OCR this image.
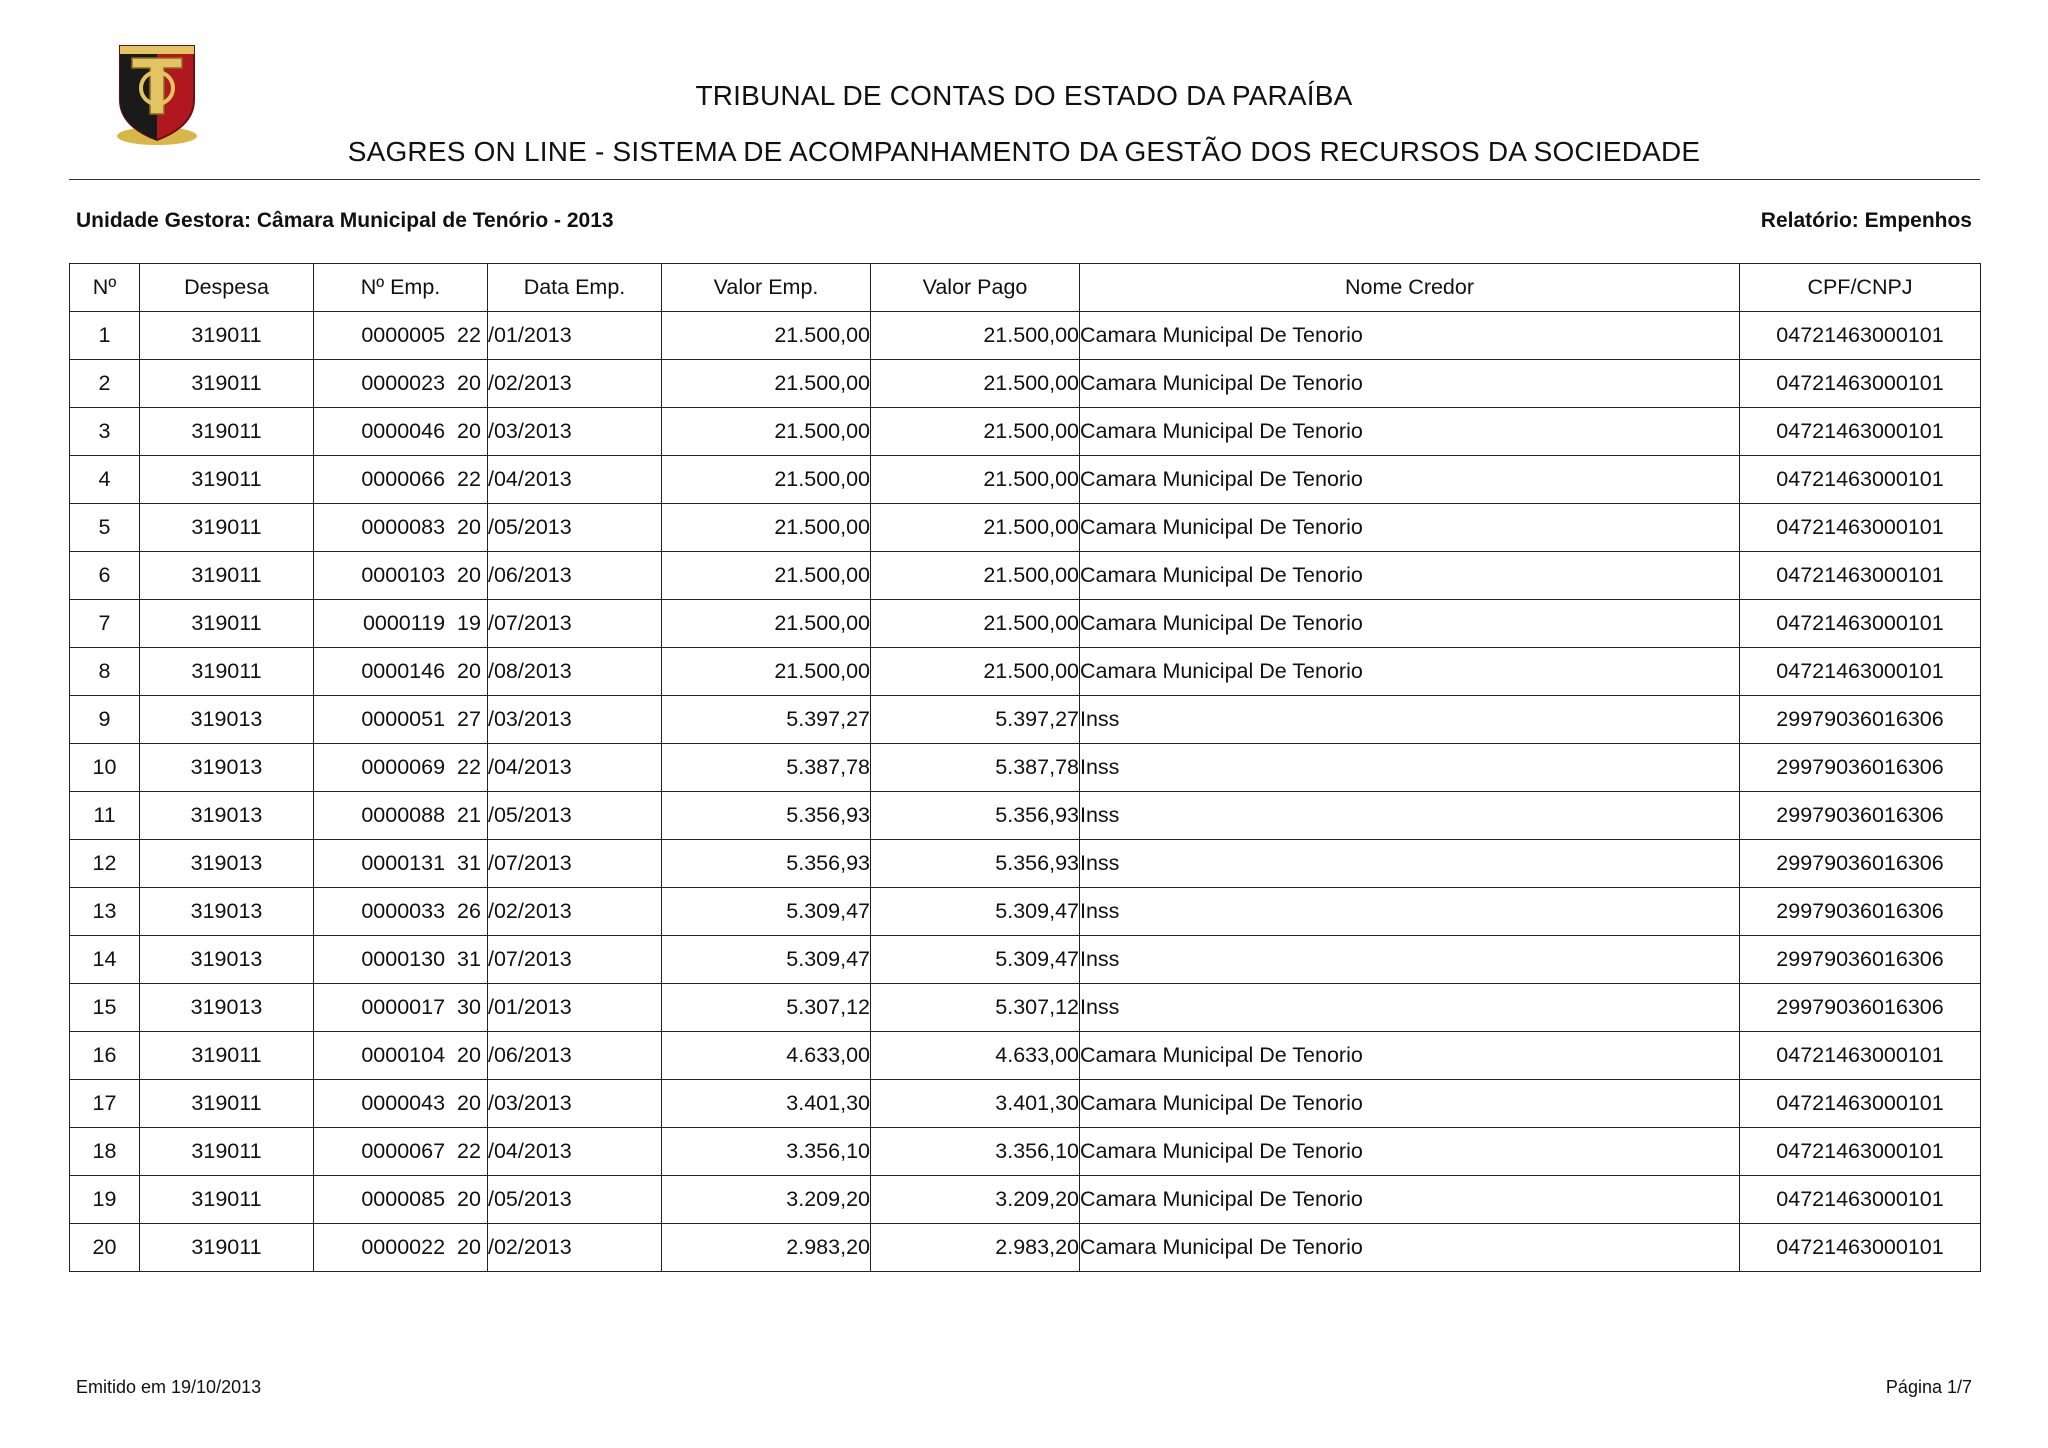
TRIBUNAL DE CONTAS DO ESTADO DA PARAÍBA
SAGRES ON LINE - SISTEMA DE ACOMPANHAMENTO DA GESTÃO DOS RECURSOS DA SOCIEDADE
Unidade Gestora: Câmara Municipal de Tenório - 2013	Relatório: Empenhos
Nº	Despesa	Nº Emp.	Data Emp.	Valor Emp.	Valor Pago	Nome Credor	CPF/CNPJ
1	319011	0000005 22	/01/2013	21.500,00	21.500,00	Camara Municipal De Tenorio	04721463000101
2	319011	0000023 20	/02/2013	21.500,00	21.500,00	Camara Municipal De Tenorio	04721463000101
3	319011	0000046 20	/03/2013	21.500,00	21.500,00	Camara Municipal De Tenorio	04721463000101
4	319011	0000066 22	/04/2013	21.500,00	21.500,00	Camara Municipal De Tenorio	04721463000101
5	319011	0000083 20	/05/2013	21.500,00	21.500,00	Camara Municipal De Tenorio	04721463000101
6	319011	0000103 20	/06/2013	21.500,00	21.500,00	Camara Municipal De Tenorio	04721463000101
7	319011	0000119 19	/07/2013	21.500,00	21.500,00	Camara Municipal De Tenorio	04721463000101
8	319011	0000146 20	/08/2013	21.500,00	21.500,00	Camara Municipal De Tenorio	04721463000101
9	319013	0000051 27	/03/2013	5.397,27	5.397,27	Inss	29979036016306
10	319013	0000069 22	/04/2013	5.387,78	5.387,78	Inss	29979036016306
11	319013	0000088 21	/05/2013	5.356,93	5.356,93	Inss	29979036016306
12	319013	0000131 31	/07/2013	5.356,93	5.356,93	Inss	29979036016306
13	319013	0000033 26	/02/2013	5.309,47	5.309,47	Inss	29979036016306
14	319013	0000130 31	/07/2013	5.309,47	5.309,47	Inss	29979036016306
15	319013	0000017 30	/01/2013	5.307,12	5.307,12	Inss	29979036016306
16	319011	0000104 20	/06/2013	4.633,00	4.633,00	Camara Municipal De Tenorio	04721463000101
17	319011	0000043 20	/03/2013	3.401,30	3.401,30	Camara Municipal De Tenorio	04721463000101
18	319011	0000067 22	/04/2013	3.356,10	3.356,10	Camara Municipal De Tenorio	04721463000101
19	319011	0000085 20	/05/2013	3.209,20	3.209,20	Camara Municipal De Tenorio	04721463000101
20	319011	0000022 20	/02/2013	2.983,20	2.983,20	Camara Municipal De Tenorio	04721463000101
Emitido em 19/10/2013	Página 1/7
